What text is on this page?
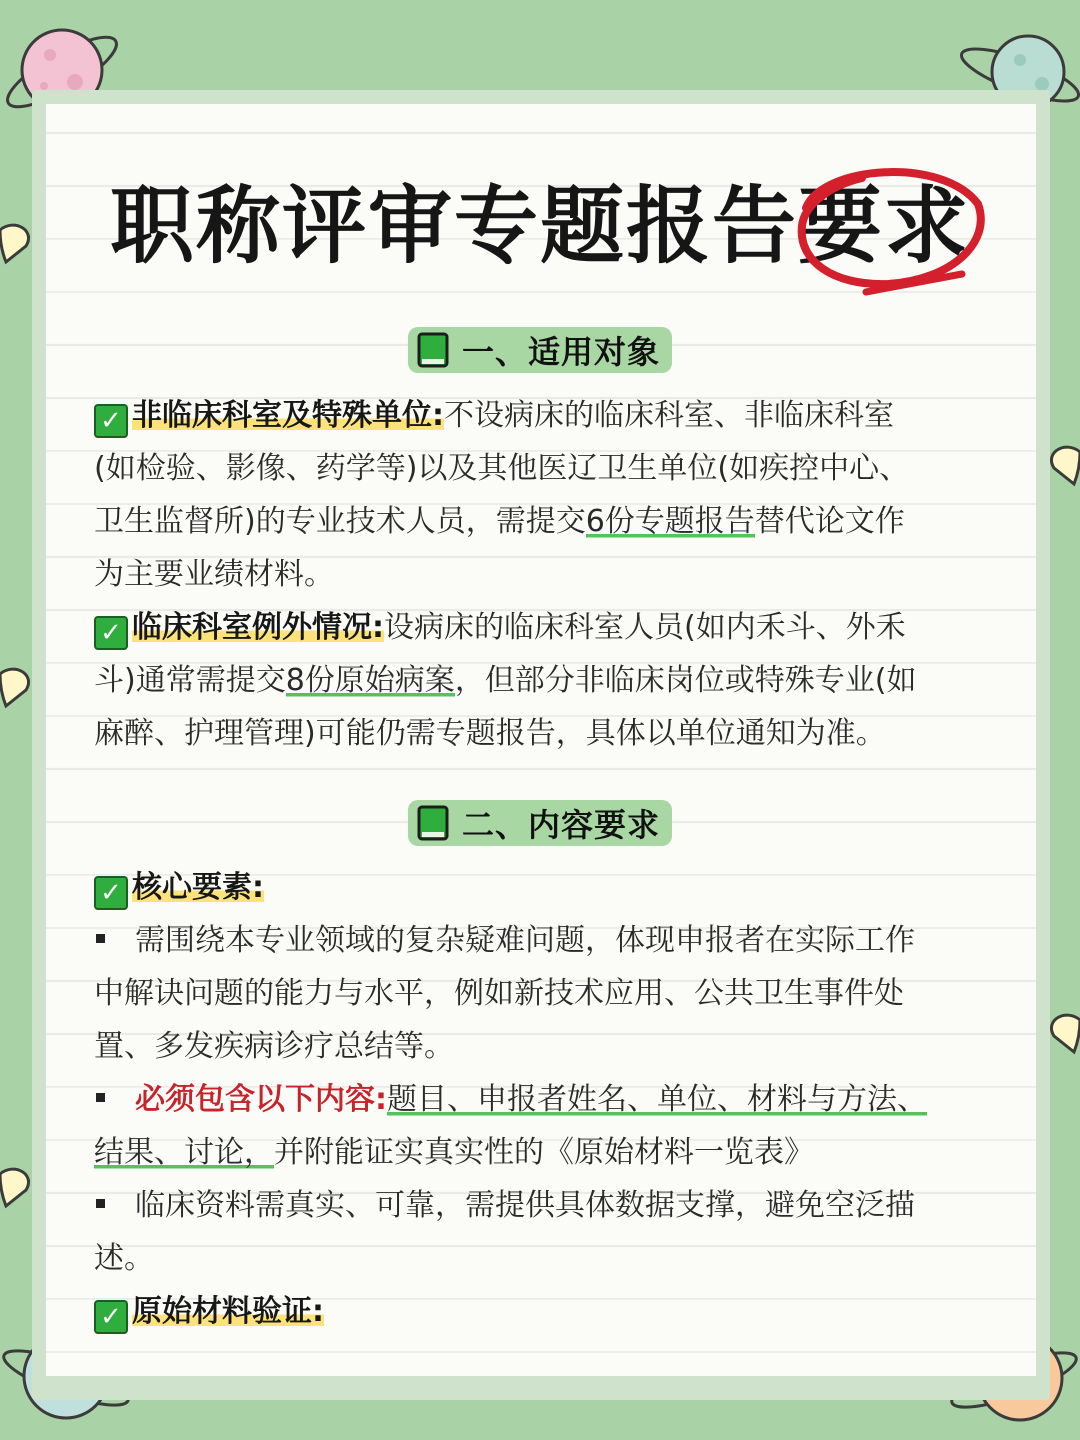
职称评审专题报告要求
一、适用对象
✓ 非临床科室及特殊单位:不设病床的临床科室、非临床科室
(如检验、影像、药学等)以及其他医辽卫生单位(如疾控中心、
卫生监督所)的专业技术人员，需提交6份专题报告替代论文作
为主要业绩材料。
✓ 临床科室例外情况:设病床的临床科室人员(如内禾斗、外禾
斗)通常需提交8份原始病案，但部分非临床岗位或特殊专业(如
麻醉、护理管理)可能仍需专题报告，具体以单位通知为准。
二、内容要求
✓ 核心要素:
需围绕本专业领域的复杂疑难问题，体现申报者在实际工作
中解诀问题的能力与水平，例如新技术应用、公共卫生事件处
置、多发疾病诊疗总结等。
必须包含以下内容:题目、申报者姓名、单位、材料与方法、
结果、讨论，并附能证实真实性的《原始材料一览表》
临床资料需真实、可靠，需提供具体数据支撑，避免空泛描
述。
✓ 原始材料验证:
